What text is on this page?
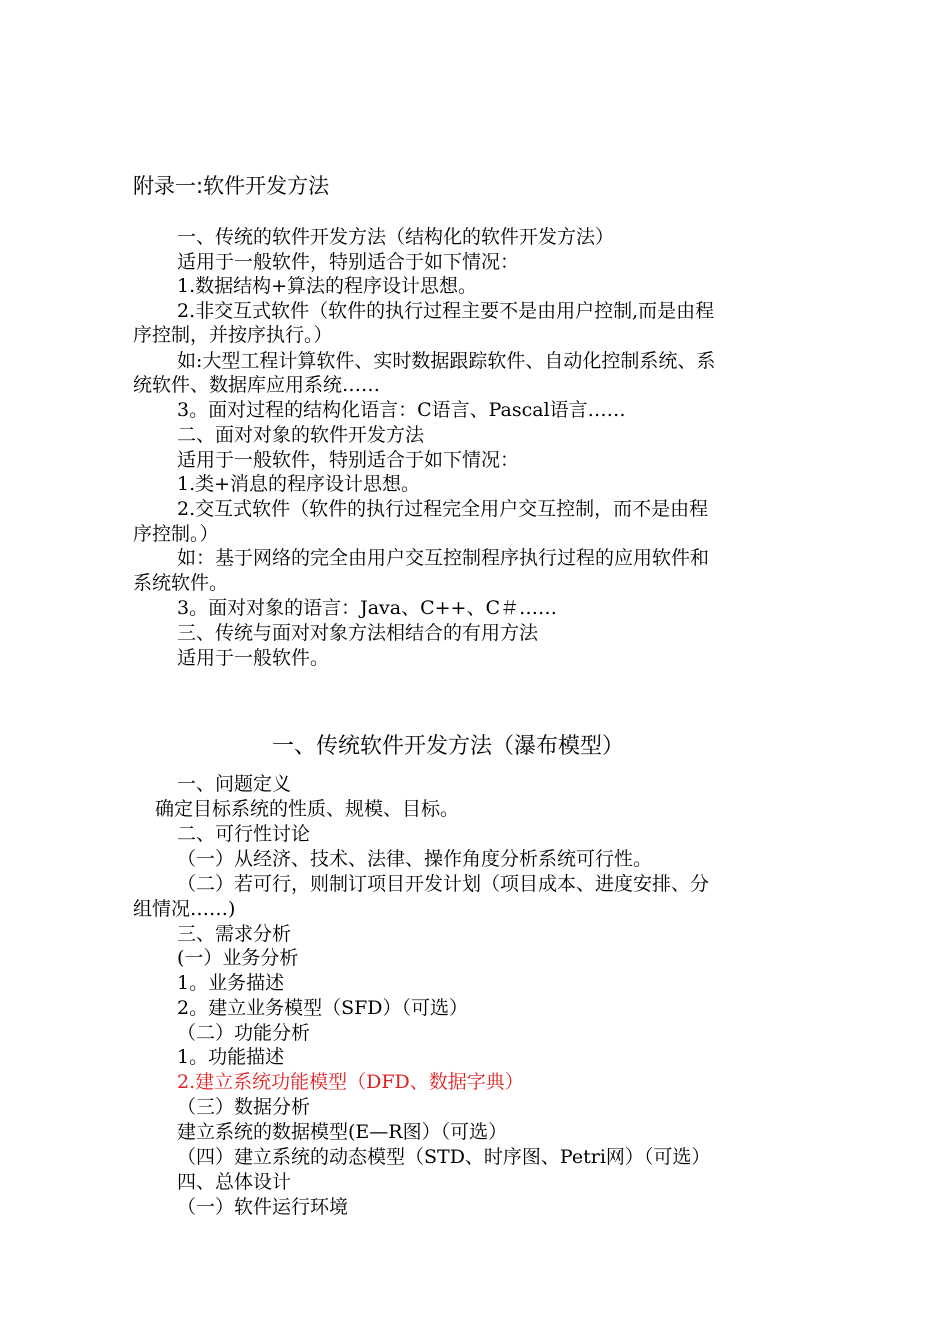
附录一:软件开发方法
一、传统的软件开发方法（结构化的软件开发方法）
适用于一般软件，特别适合于如下情况：
1.数据结构+算法的程序设计思想。
2.非交互式软件（软件的执行过程主要不是由用户控制,而是由程
序控制，并按序执行。）
如:大型工程计算软件、实时数据跟踪软件、自动化控制系统、系
统软件、数据库应用系统……
3。面对过程的结构化语言：C语言、Pascal语言……
二、面对对象的软件开发方法
适用于一般软件，特别适合于如下情况：
1.类+消息的程序设计思想。
2.交互式软件（软件的执行过程完全用户交互控制，而不是由程
序控制。）
如：基于网络的完全由用户交互控制程序执行过程的应用软件和
系统软件。
3。面对对象的语言：Java、C++、C＃……
三、传统与面对对象方法相结合的有用方法
适用于一般软件。
一、传统软件开发方法（瀑布模型）
一、问题定义
确定目标系统的性质、规模、目标。
二、可行性讨论
（一）从经济、技术、法律、操作角度分析系统可行性。
（二）若可行，则制订项目开发计划（项目成本、进度安排、分
组情况……)
三、需求分析
(一）业务分析
1。业务描述
2。建立业务模型（SFD）（可选）
（二）功能分析
1。功能描述
2.建立系统功能模型（DFD、数据字典）
（三）数据分析
建立系统的数据模型(E—R图）（可选）
（四）建立系统的动态模型（STD、时序图、Petri网）（可选）
四、总体设计
（一）软件运行环境
